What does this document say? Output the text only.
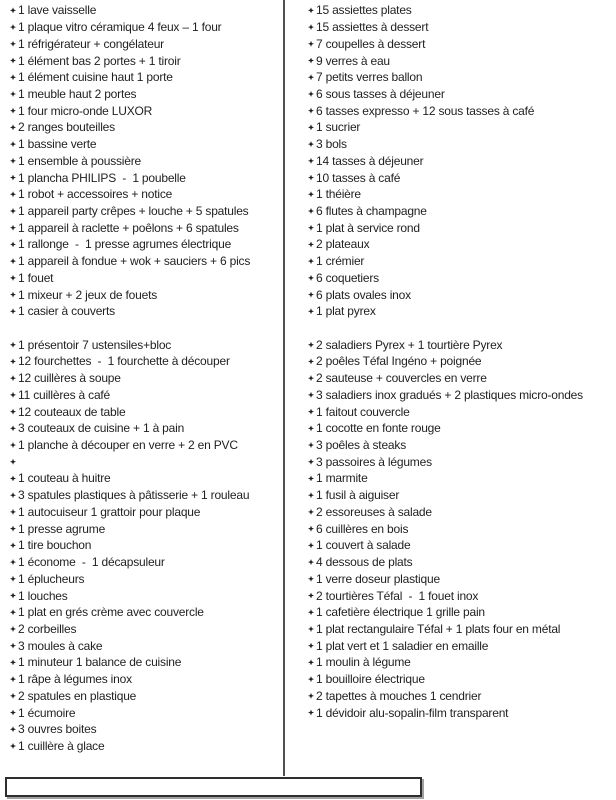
1 lave vaisselle
1 plaque vitro céramique 4 feux – 1 four
1 réfrigérateur + congélateur
1 élément bas 2 portes + 1 tiroir
1 élément cuisine haut 1 porte
1 meuble haut 2 portes
1 four micro-onde LUXOR
2 ranges bouteilles
1 bassine verte
1 ensemble à poussière
1 plancha PHILIPS  -  1 poubelle
1 robot + accessoires + notice
1 appareil party crêpes + louche + 5 spatules
1 appareil à raclette + poêlons + 6 spatules
1 rallonge  -  1 presse agrumes électrique
1 appareil à fondue + wok + sauciers + 6 pics
1 fouet
1 mixeur + 2 jeux de fouets
1 casier à couverts
1 présentoir 7 ustensiles+bloc
12 fourchettes  -  1 fourchette à découper
12 cuillères à soupe
11 cuillères à café
12 couteaux de table
3 couteaux de cuisine + 1 à pain
1 planche à découper en verre + 2 en PVC
1 couteau à huitre
3 spatules plastiques à pâtisserie + 1 rouleau
1 autocuiseur 1 grattoir pour plaque
1 presse agrume
1 tire bouchon
1 économe  -  1 décapsuleur
1 éplucheurs
1 louches
1 plat en grés crème avec couvercle
2 corbeilles
3 moules à cake
1 minuteur 1 balance de cuisine
1 râpe à légumes inox
2 spatules en plastique
1 écumoire
3 ouvres boites
1 cuillère à glace
15 assiettes plates
15 assiettes à dessert
7 coupelles à dessert
9 verres à eau
7 petits verres ballon
6 sous tasses à déjeuner
6 tasses expresso + 12 sous tasses à café
1 sucrier
3 bols
14 tasses à déjeuner
10 tasses à café
1 théière
6 flutes à champagne
1 plat à service rond
2 plateaux
1 crémier
6 coquetiers
6 plats ovales inox
1 plat pyrex
2 saladiers Pyrex + 1 tourtière Pyrex
2 poêles Téfal Ingéno + poignée
2 sauteuse + couvercles en verre
3 saladiers inox gradués + 2 plastiques micro-ondes
1 faitout couvercle
1 cocotte en fonte rouge
3 poêles à steaks
3 passoires à légumes
1 marmite
1 fusil à aiguiser
2 essoreuses à salade
6 cuillères en bois
1 couvert à salade
4 dessous de plats
1 verre doseur plastique
2 tourtières Téfal  -  1 fouet inox
1 cafetière électrique 1 grille pain
1 plat rectangulaire Téfal + 1 plats four en métal
1 plat vert et 1 saladier en emaille
1 moulin à légume
1 bouilloire électrique
2 tapettes à mouches 1 cendrier
1 dévidoir alu-sopalin-film transparent
